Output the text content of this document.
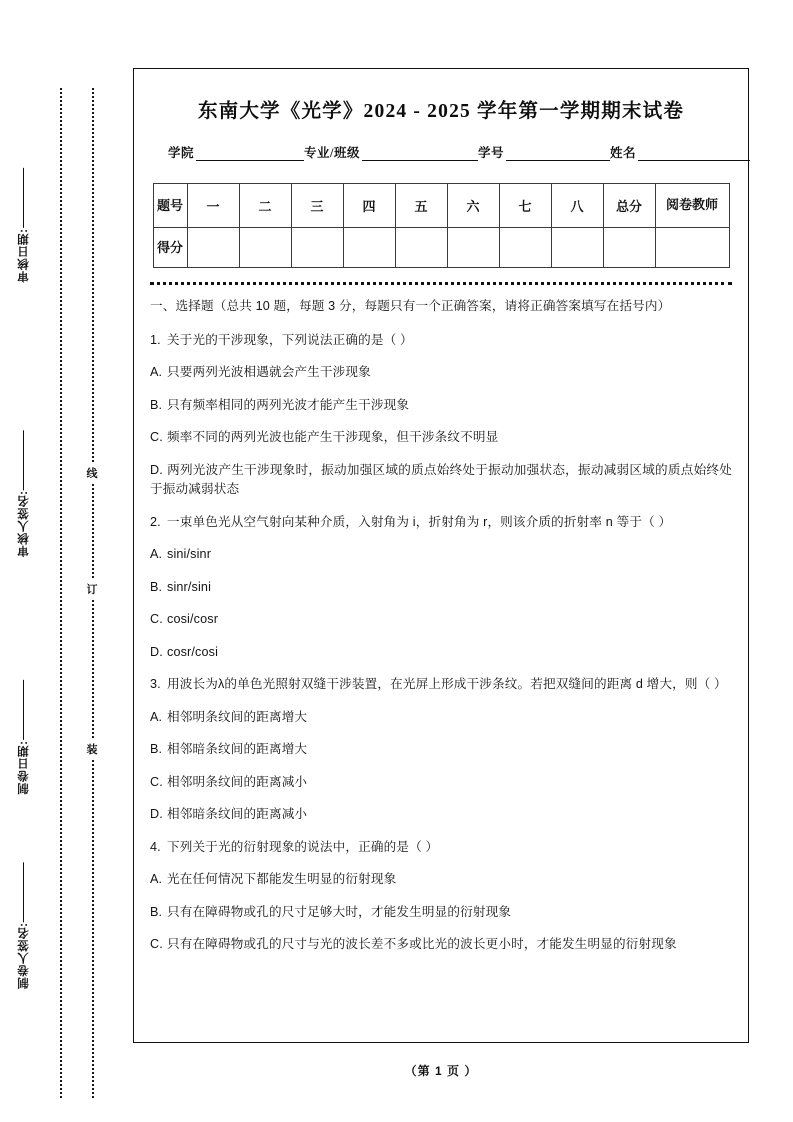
审核日期:
审核人签名:
制卷日期:
制卷人签名:
线
订
装
东南大学《光学》2024 - 2025 学年第一学期期末试卷
学院	专业/班级	学号	姓名
题号	一	二	三	四	五	六	七	八	总分	阅卷教师
得分										
一、选择题（总共 10 题，每题 3 分，每题只有一个正确答案，请将正确答案填写在括号内）
1. 关于光的干涉现象，下列说法正确的是（ ）
A. 只要两列光波相遇就会产生干涉现象
B. 只有频率相同的两列光波才能产生干涉现象
C. 频率不同的两列光波也能产生干涉现象，但干涉条纹不明显
D. 两列光波产生干涉现象时，振动加强区域的质点始终处于振动加强状态，振动减弱区域的质点始终处于振动减弱状态
2. 一束单色光从空气射向某种介质，入射角为 i，折射角为 r，则该介质的折射率 n 等于（ ）
A. sini/sinr
B. sinr/sini
C. cosi/cosr
D. cosr/cosi
3. 用波长为λ的单色光照射双缝干涉装置，在光屏上形成干涉条纹。若把双缝间的距离 d 增大，则（ ）
A. 相邻明条纹间的距离增大
B. 相邻暗条纹间的距离增大
C. 相邻明条纹间的距离减小
D. 相邻暗条纹间的距离减小
4. 下列关于光的衍射现象的说法中，正确的是（ ）
A. 光在任何情况下都能发生明显的衍射现象
B. 只有在障碍物或孔的尺寸足够大时，才能发生明显的衍射现象
C. 只有在障碍物或孔的尺寸与光的波长差不多或比光的波长更小时，才能发生明显的衍射现象
（第 1 页 ）
